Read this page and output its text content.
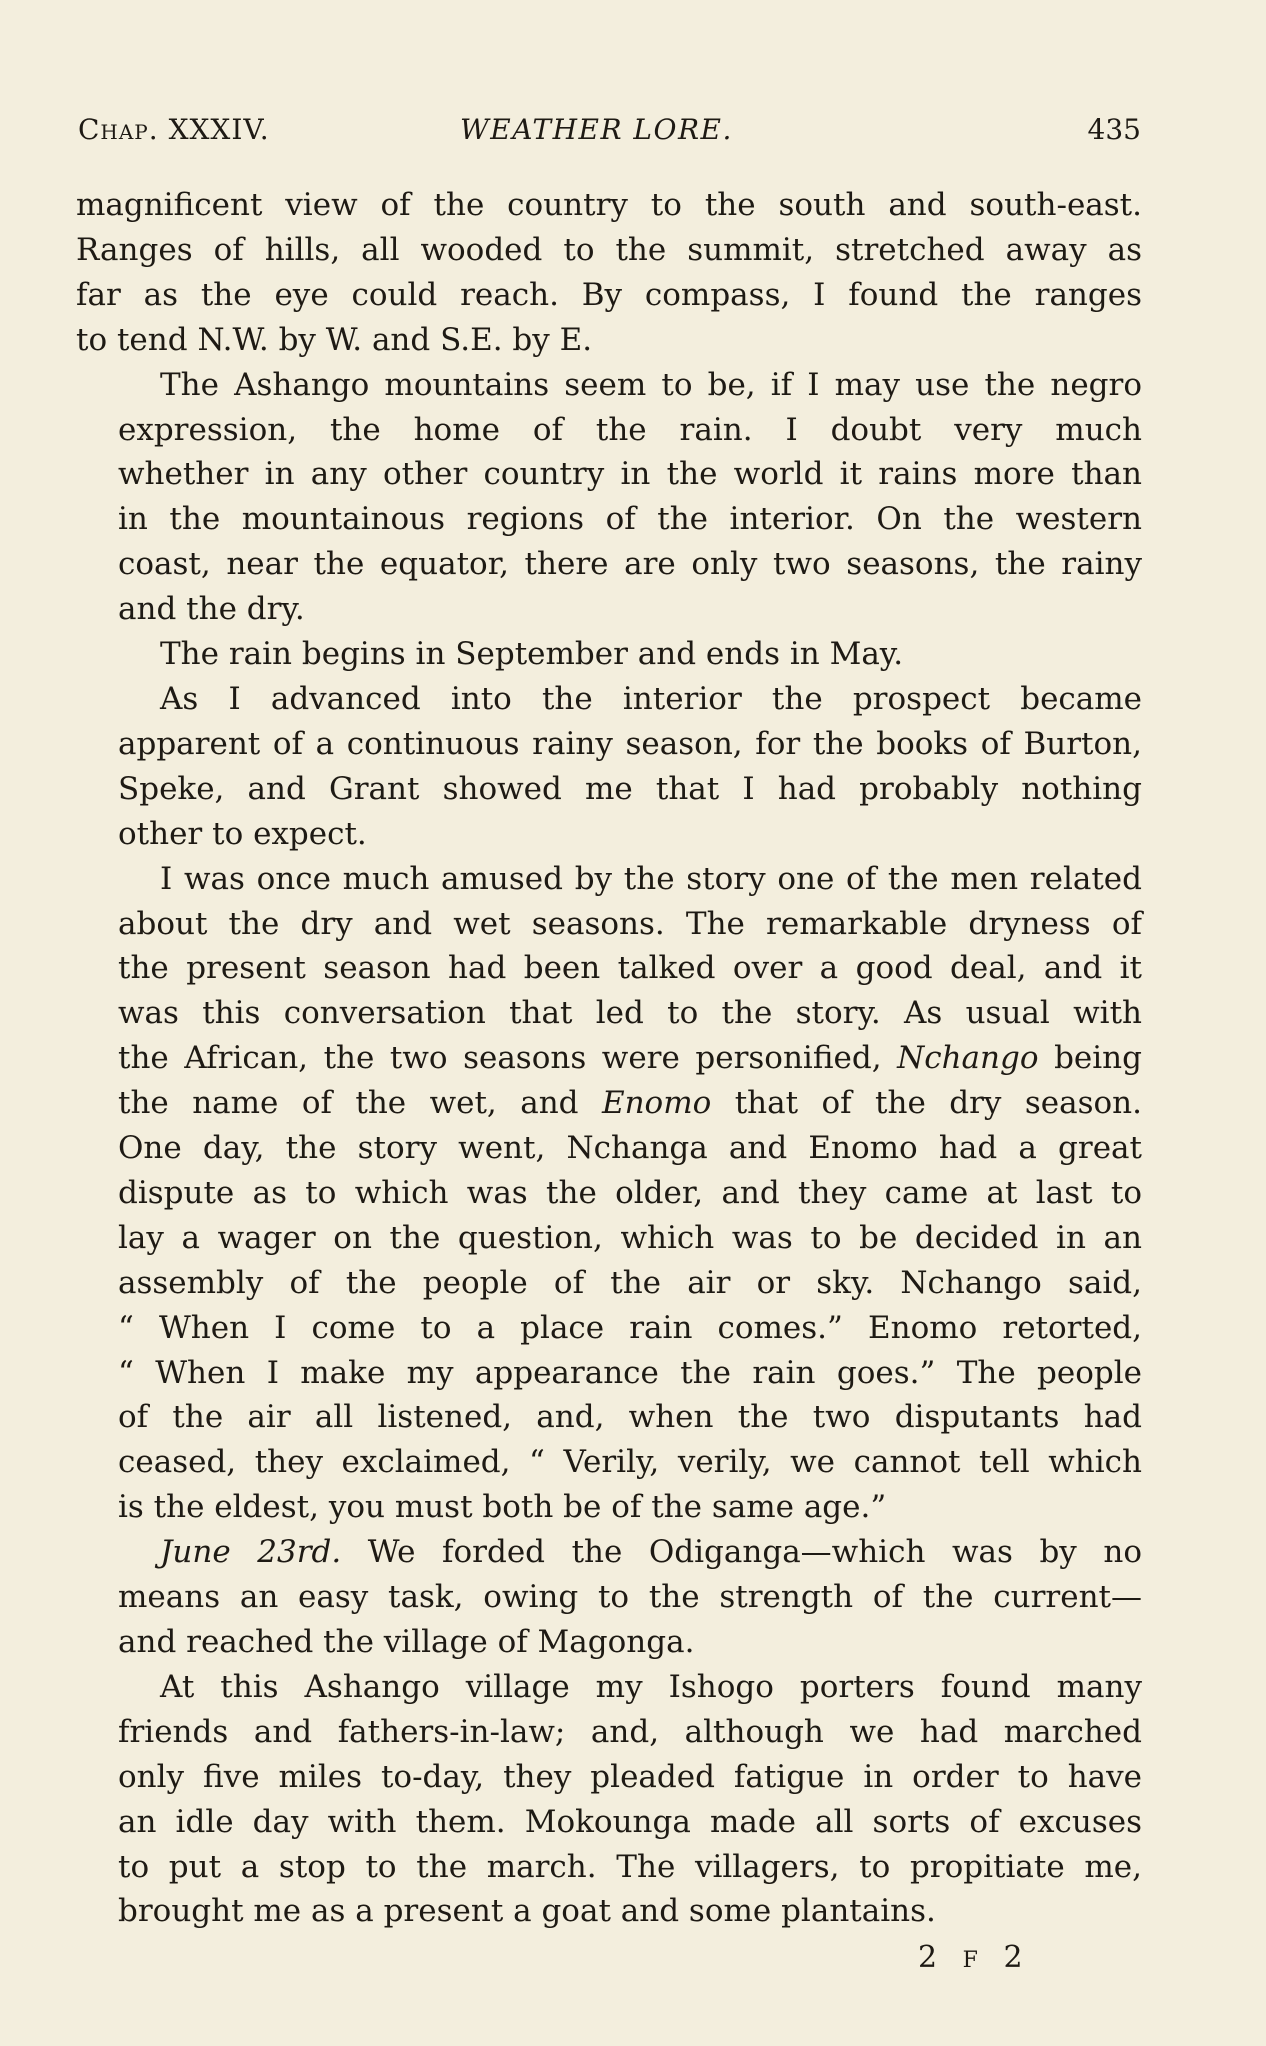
Chap. XXXIV.	WEATHER LORE.	435
magnificent view of the country to the south and south-east.
Ranges of hills, all wooded to the summit, stretched away as
far as the eye could reach. By compass, I found the ranges
to tend N.W. by W. and S.E. by E.
The Ashango mountains seem to be, if I may use the negro
expression, the home of the rain. I doubt very much
whether in any other country in the world it rains more than
in the mountainous regions of the interior. On the western
coast, near the equator, there are only two seasons, the rainy
and the dry.
The rain begins in September and ends in May.
As I advanced into the interior the prospect became
apparent of a continuous rainy season, for the books of Burton,
Speke, and Grant showed me that I had probably nothing
other to expect.
I was once much amused by the story one of the men related
about the dry and wet seasons. The remarkable dryness of
the present season had been talked over a good deal, and it
was this conversation that led to the story. As usual with
the African, the two seasons were personified, Nchango being
the name of the wet, and Enomo that of the dry season.
One day, the story went, Nchanga and Enomo had a great
dispute as to which was the older, and they came at last to
lay a wager on the question, which was to be decided in an
assembly of the people of the air or sky. Nchango said,
“ When I come to a place rain comes.” Enomo retorted,
“ When I make my appearance the rain goes.” The people
of the air all listened, and, when the two disputants had
ceased, they exclaimed, “ Verily, verily, we cannot tell which
is the eldest, you must both be of the same age.”
June 23rd. We forded the Odiganga—which was by no
means an easy task, owing to the strength of the current—
and reached the village of Magonga.
At this Ashango village my Ishogo porters found many
friends and fathers-in-law; and, although we had marched
only five miles to-day, they pleaded fatigue in order to have
an idle day with them. Mokounga made all sorts of excuses
to put a stop to the march. The villagers, to propitiate me,
brought me as a present a goat and some plantains.
2 F 2
